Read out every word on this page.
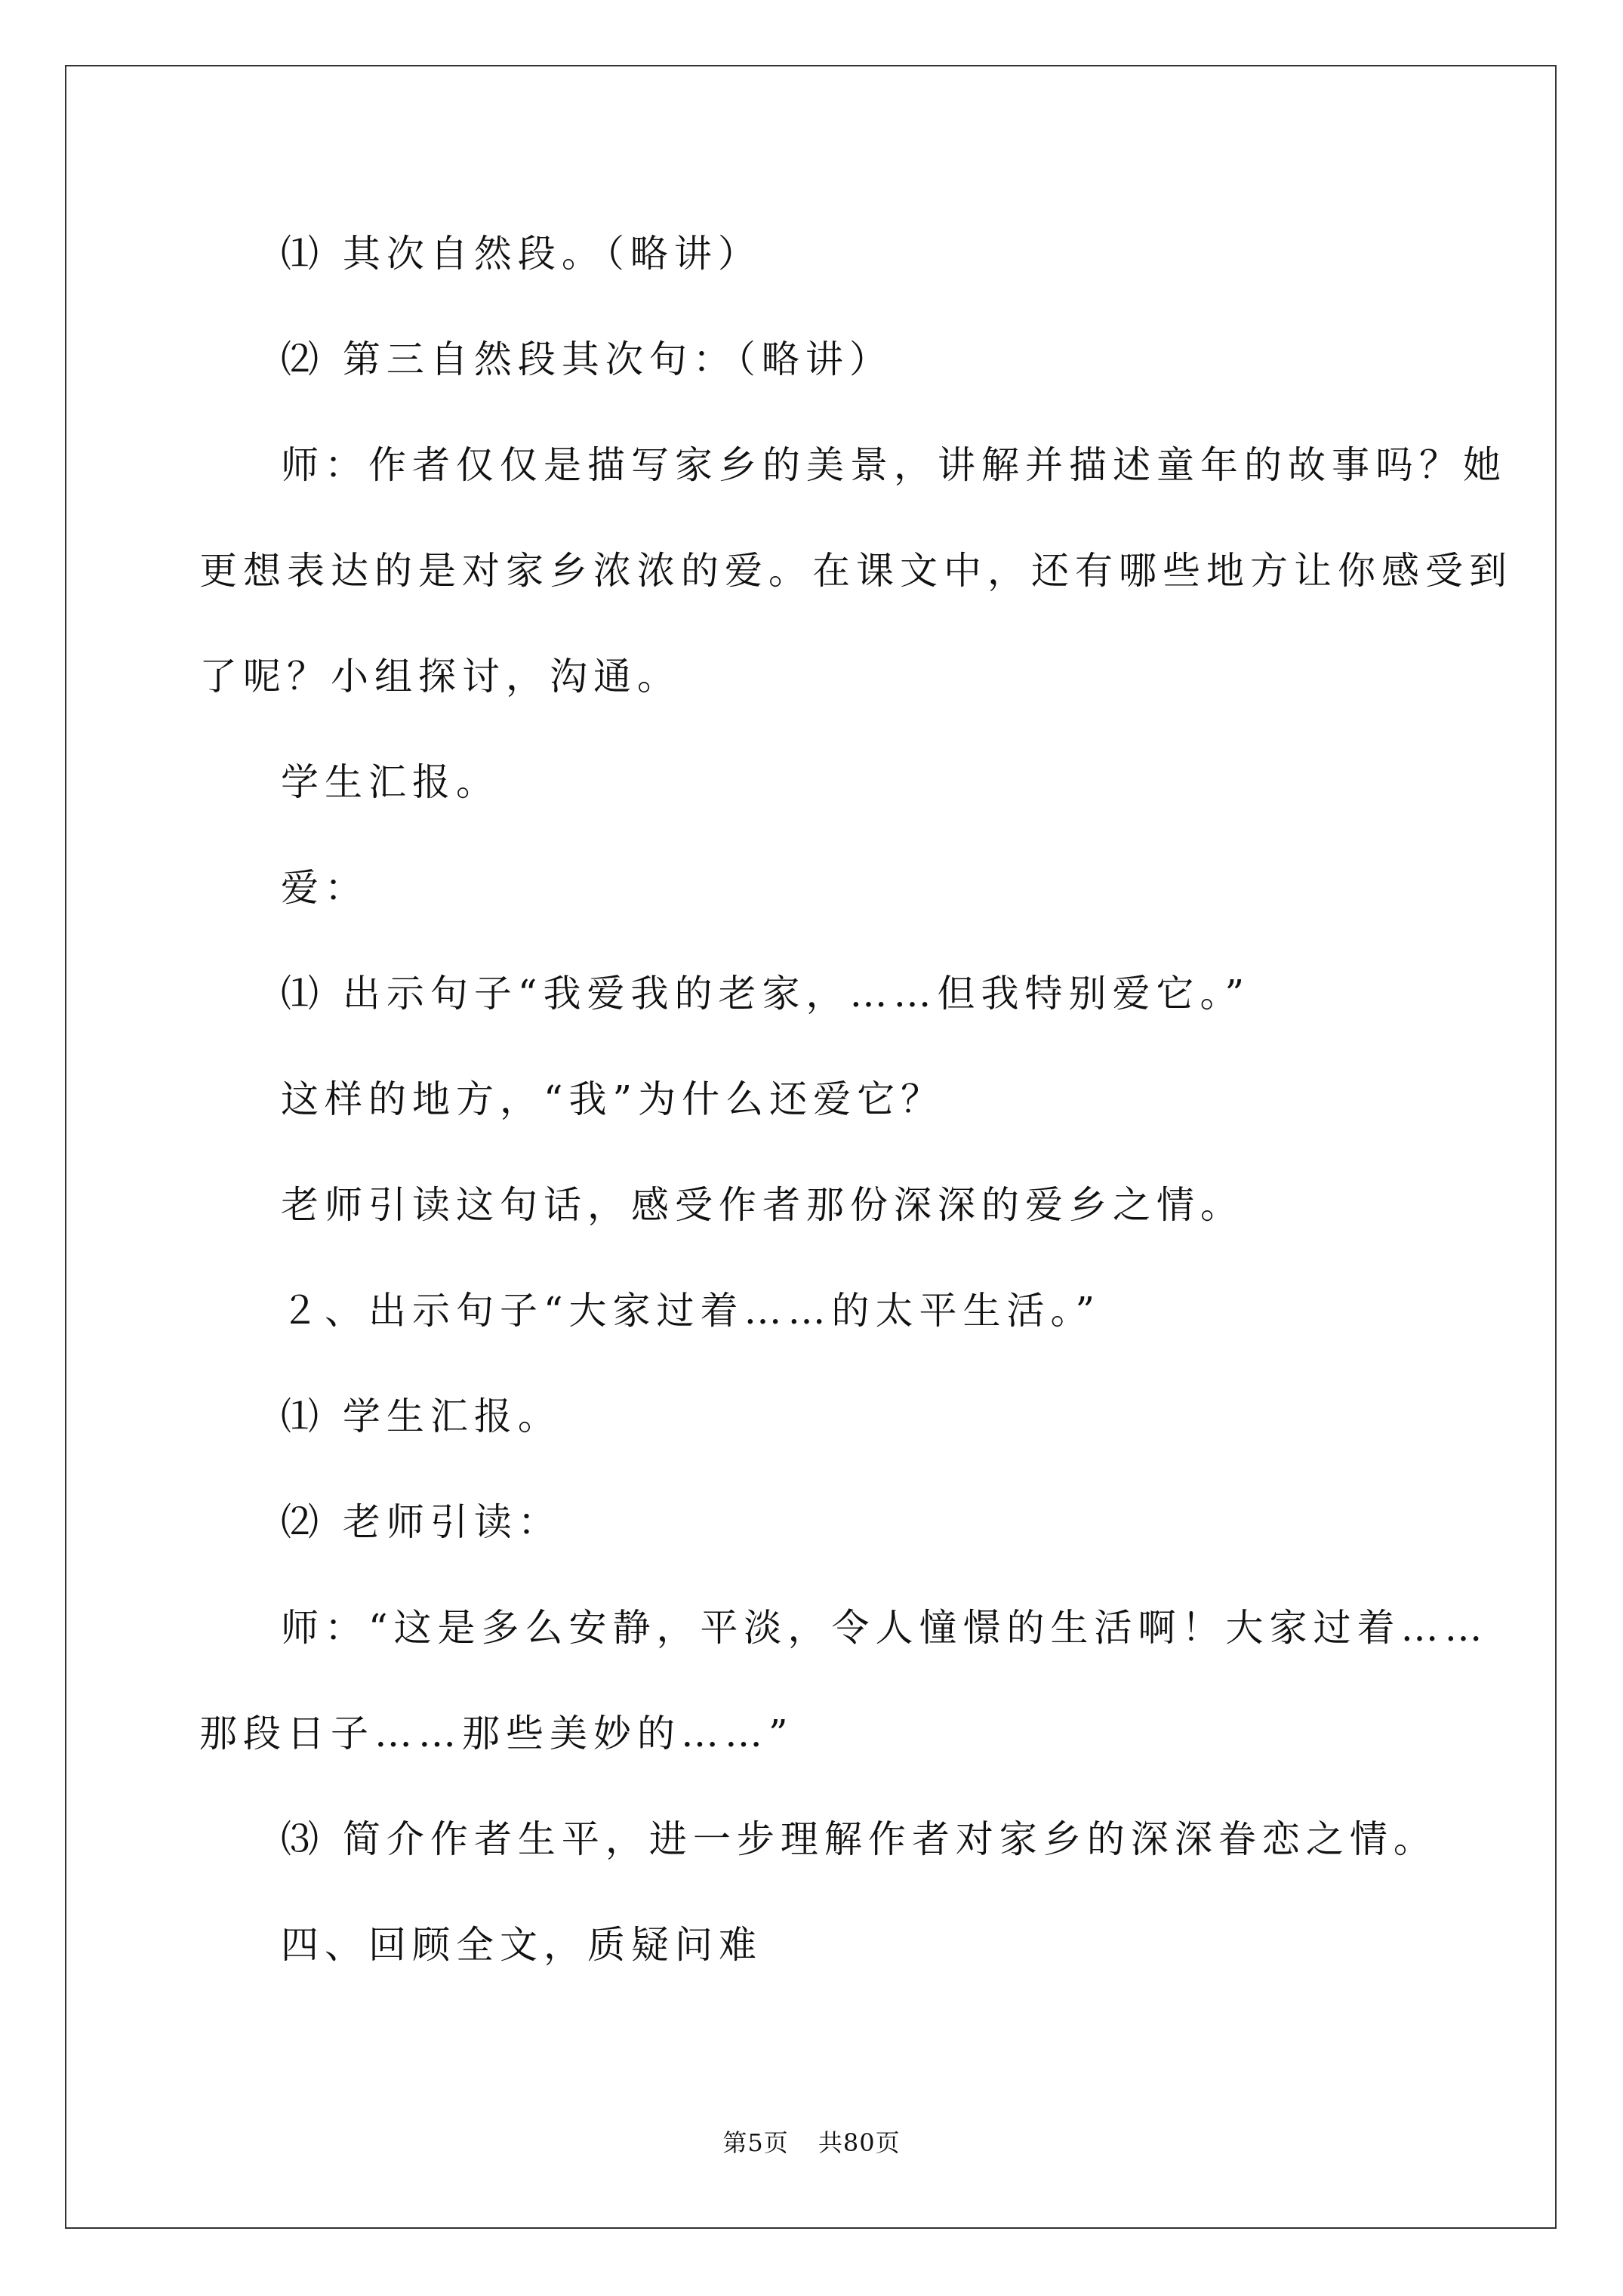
⑴ 其次自然段。（略讲）

⑵ 第三自然段其次句：（略讲）

师：作者仅仅是描写家乡的美景，讲解并描述童年的故事吗？她

更想表达的是对家乡浓浓的爱。在课文中，还有哪些地方让你感受到

了呢？小组探讨，沟通。

学生汇报。

爱：

⑴ 出示句子“我爱我的老家，……但我特别爱它。”

这样的地方，“我”为什么还爱它？

老师引读这句话，感受作者那份深深的爱乡之情。

２、出示句子“大家过着……的太平生活。”

⑴ 学生汇报。

⑵ 老师引读：

师：“这是多么安静，平淡，令人憧憬的生活啊！大家过着……

那段日子……那些美妙的……”

⑶ 简介作者生平，进一步理解作者对家乡的深深眷恋之情。

四、回顾全文，质疑问难

第5页 共80页
